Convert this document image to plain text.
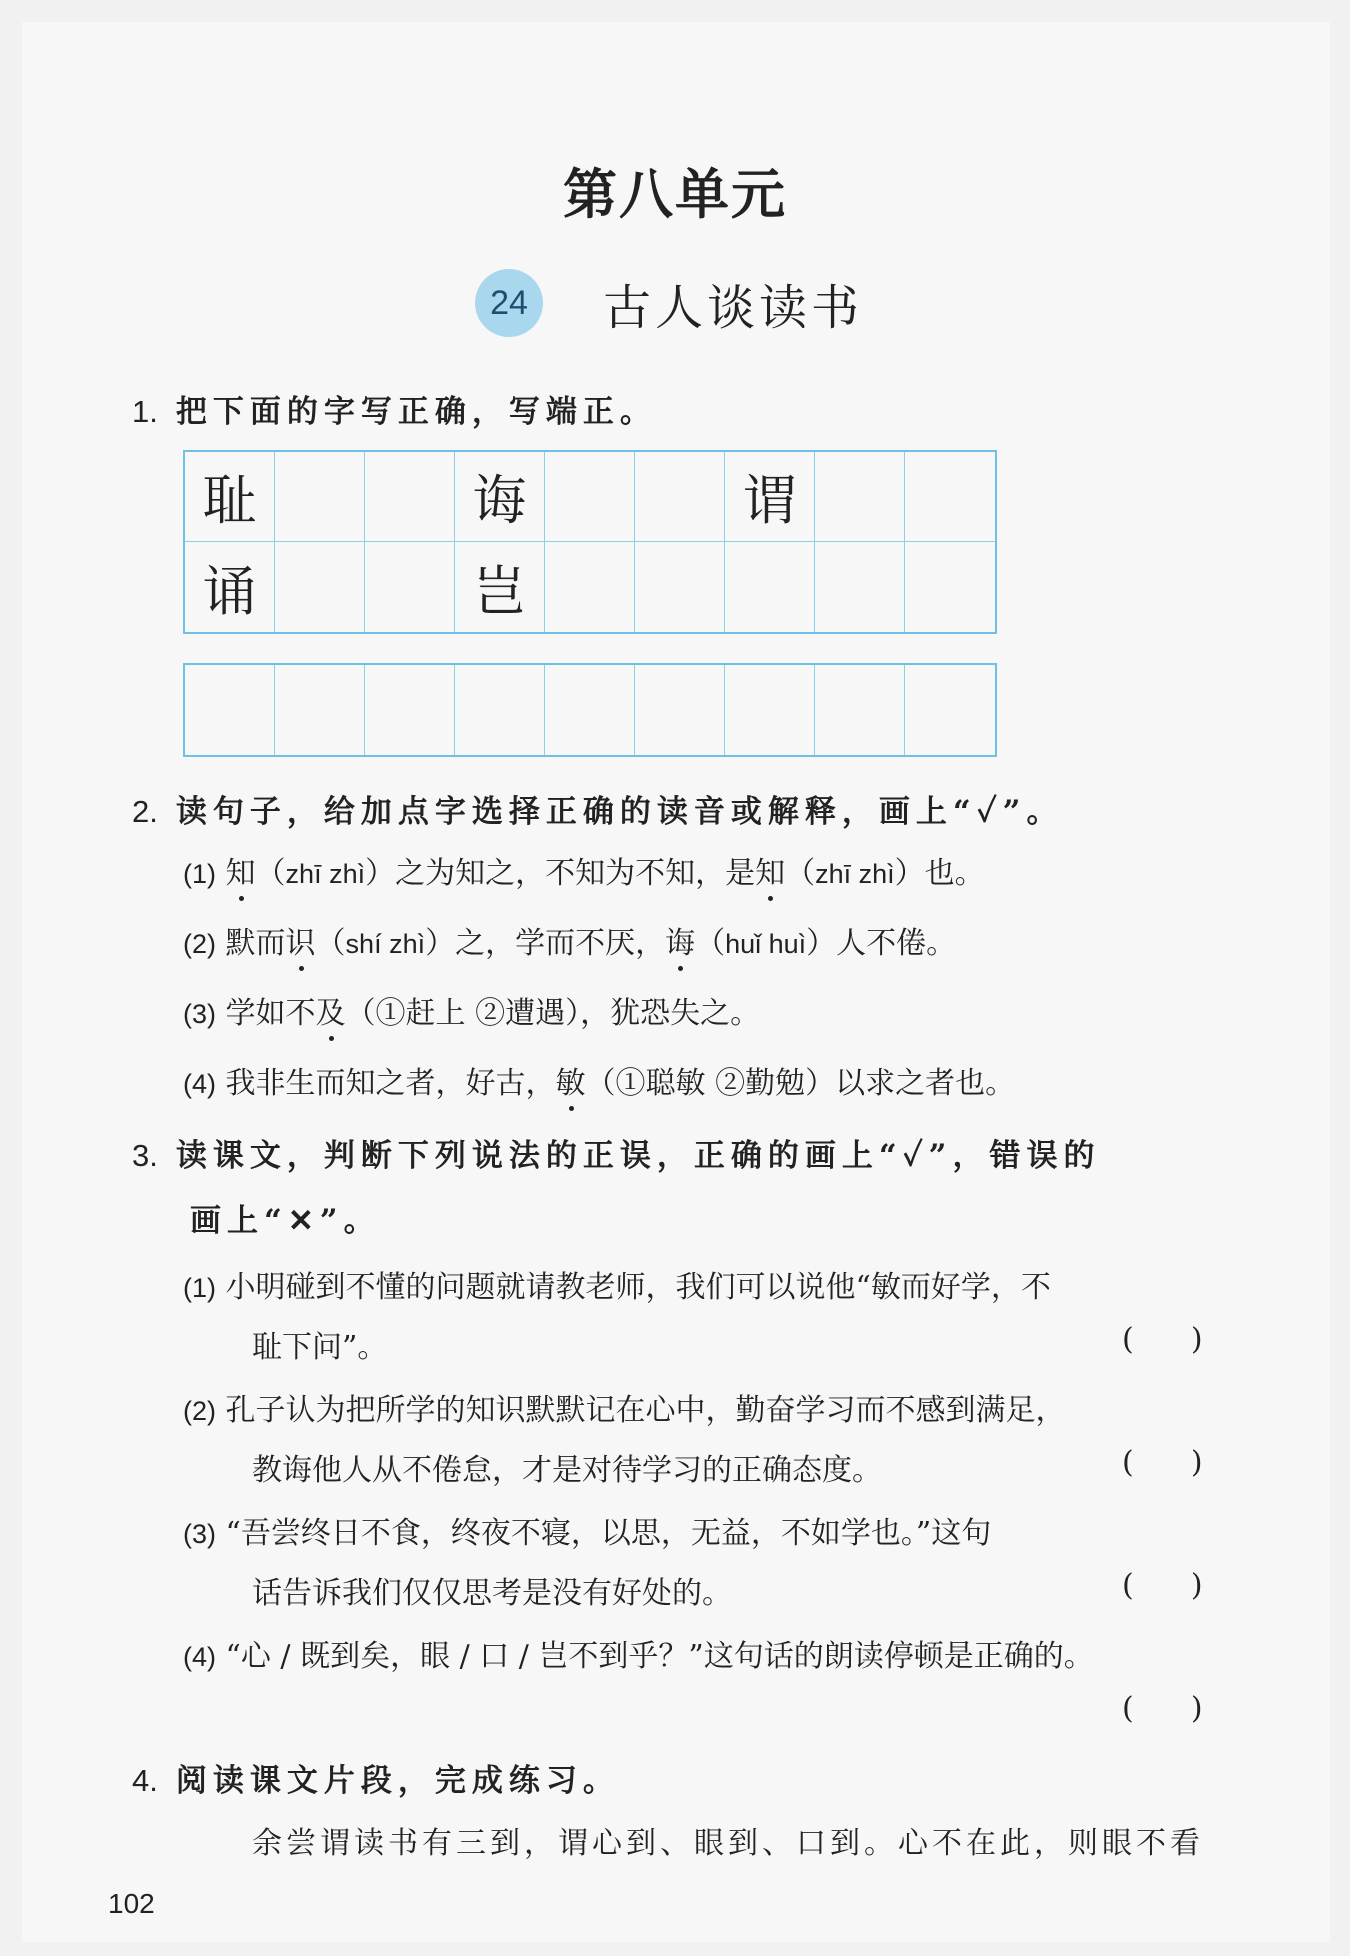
第八单元
24	古人谈读书
1. 把下面的字写正确，写端正。
耻	诲	谓
诵	岂
2. 读句子，给加点字选择正确的读音或解释，画上“✓”。
(1) 知（zhī zhì）之为知之，不知为不知，是知（zhī zhì）也。
(2) 默而识（shí zhì）之，学而不厌，诲（huǐ huì）人不倦。
(3) 学如不及（①赶上 ②遭遇），犹恐失之。
(4) 我非生而知之者，好古，敏（①聪敏 ②勤勉）以求之者也。
3. 读课文，判断下列说法的正误，正确的画上“✓”，错误的
画上“✕”。
(1) 小明碰到不懂的问题就请教老师，我们可以说他“敏而好学，不
耻下问”。	(      )
(2) 孔子认为把所学的知识默默记在心中，勤奋学习而不感到满足，
教诲他人从不倦怠，才是对待学习的正确态度。	(      )
(3) “吾尝终日不食，终夜不寝，以思，无益，不如学也。”这句
话告诉我们仅仅思考是没有好处的。	(      )
(4) “心 / 既到矣，眼 / 口 / 岂不到乎？”这句话的朗读停顿是正确的。
(      )
4. 阅读课文片段，完成练习。
余尝谓读书有三到，谓心到、眼到、口到。心不在此，则眼不看
102
